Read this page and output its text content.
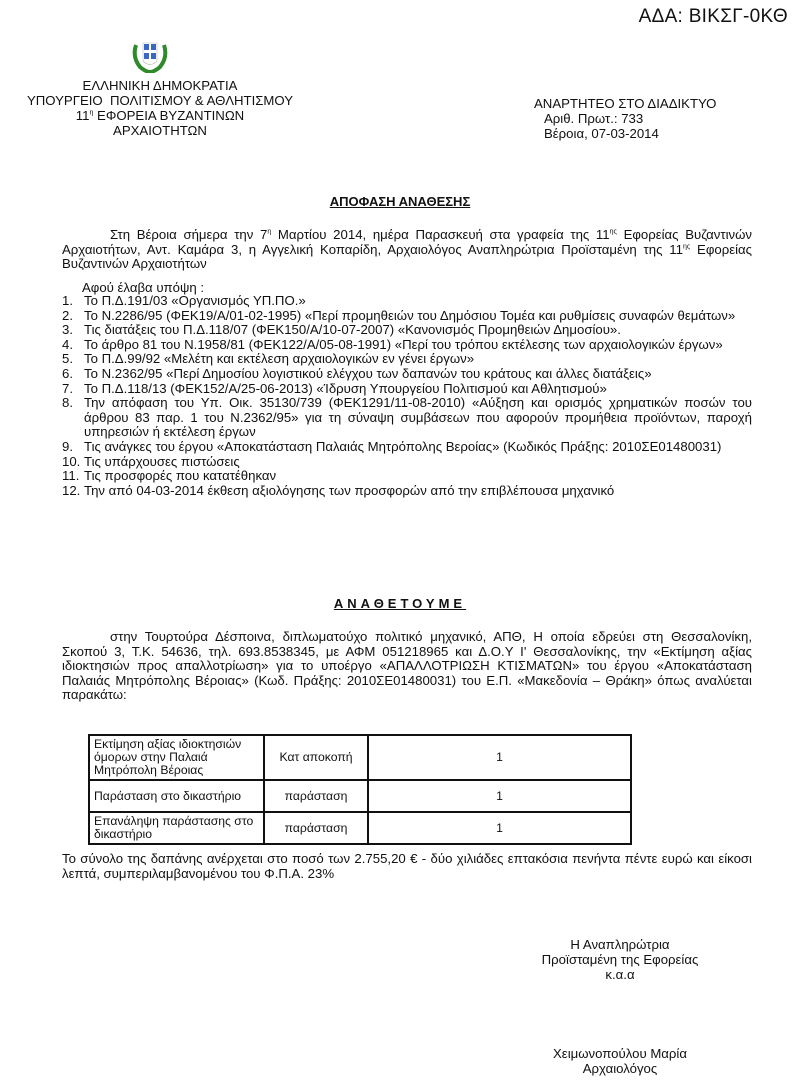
ΑΔΑ: ΒΙΚΣΓ-0ΚΘ
ΕΛΛΗΝΙΚΗ ΔΗΜΟΚΡΑΤΙΑ
ΥΠΟΥΡΓΕΙΟ  ΠΟΛΙΤΙΣΜΟΥ & ΑΘΛΗΤΙΣΜΟΥ
$11^\eta$ ΕΦΟΡΕΙΑ ΒΥΖΑΝΤΙΝΩΝ
ΑΡΧΑΙΟΤΗΤΩΝ
ΑΝΑΡΤΗΤΕΟ ΣΤΟ ΔΙΑΔΙΚΤΥΟ
Αριθ. Πρωτ.: 733
Βέροια, 07-03-2014
ΑΠΟΦΑΣΗ ΑΝΑΘΕΣΗΣ
Στη Βέροια σήμερα την $7^\eta$ Μαρτίου 2014, ημέρα Παρασκευή στα γραφεία της $11^{\eta\varsigma}$ Εφορείας Βυζαντινών Αρχαιοτήτων, Αντ. Καμάρα 3, η Αγγελική Κοπαρίδη, Αρχαιολόγος Αναπληρώτρια Προϊσταμένη της $11^{\eta\varsigma}$ Εφορείας Βυζαντινών Αρχαιοτήτων
Αφού έλαβα υπόψη :
1. Το Π.Δ.191/03 «Οργανισμός ΥΠ.ΠΟ.»
2. Το Ν.2286/95 (ΦΕΚ19/Α/01-02-1995) «Περί προμηθειών του Δημόσιου Τομέα και ρυθμίσεις συναφών θεμάτων»
3. Τις διατάξεις του Π.Δ.118/07 (ΦΕΚ150/Α/10-07-2007) «Κανονισμός Προμηθειών Δημοσίου».
4. Το άρθρο 81 του Ν.1958/81 (ΦΕΚ122/Α/05-08-1991) «Περί του τρόπου εκτέλεσης των αρχαιολογικών έργων»
5. Το Π.Δ.99/92 «Μελέτη και εκτέλεση αρχαιολογικών εν γένει έργων»
6. Το Ν.2362/95 «Περί Δημοσίου λογιστικού ελέγχου των δαπανών του κράτους και άλλες διατάξεις»
7. Το Π.Δ.118/13 (ΦΕΚ152/Α/25-06-2013) «Ίδρυση Υπουργείου Πολιτισμού και Αθλητισμού»
8. Την απόφαση του Υπ. Οικ. 35130/739 (ΦΕΚ1291/11-08-2010) «Αύξηση και ορισμός χρηματικών ποσών του άρθρου 83 παρ. 1 του Ν.2362/95» για τη σύναψη συμβάσεων που αφορούν προμήθεια προϊόντων, παροχή υπηρεσιών ή εκτέλεση έργων
9. Τις ανάγκες του έργου «Αποκατάσταση Παλαιάς Μητρόπολης Βεροίας» (Κωδικός Πράξης: 2010ΣΕ01480031)
10. Τις υπάρχουσες πιστώσεις
11. Τις προσφορές που κατατέθηκαν
12. Την από 04-03-2014 έκθεση αξιολόγησης των προσφορών από την επιβλέπουσα μηχανικό
ΑΝΑΘΕΤΟΥΜΕ
στην Τουρτούρα Δέσποινα, διπλωματούχο πολιτικό μηχανικό, ΑΠΘ, Η οποία εδρεύει στη Θεσσαλονίκη, Σκοπού 3, Τ.Κ. 54636, τηλ. 693.8538345, με ΑΦΜ 051218965 και Δ.Ο.Υ Ι' Θεσσαλονίκης, την «Εκτίμηση αξίας ιδιοκτησιών προς απαλλοτρίωση» για το υποέργο «ΑΠΑΛΛΟΤΡΙΩΣΗ ΚΤΙΣΜΑΤΩΝ» του έργου «Αποκατάσταση Παλαιάς Μητρόπολης Βέροιας» (Κωδ. Πράξης: 2010ΣΕ01480031) του Ε.Π. «Μακεδονία – Θράκη» όπως αναλύεται παρακάτω:
Εκτίμηση αξίας ιδιοκτησιών όμορων στην Παλαιά Μητρόπολη Βέροιας	Κατ αποκοπή	1
Παράσταση στο δικαστήριο	παράσταση	1
Επανάληψη παράστασης στο δικαστήριο	παράσταση	1
Το σύνολο της δαπάνης ανέρχεται στο ποσό των 2.755,20 € - δύο χιλιάδες επτακόσια πενήντα πέντε ευρώ και είκοσι λεπτά, συμπεριλαμβανομένου του Φ.Π.Α. 23%
Η Αναπληρώτρια
Προϊσταμένη της Εφορείας
κ.α.α
Χειμωνοπούλου Μαρία
Αρχαιολόγος
